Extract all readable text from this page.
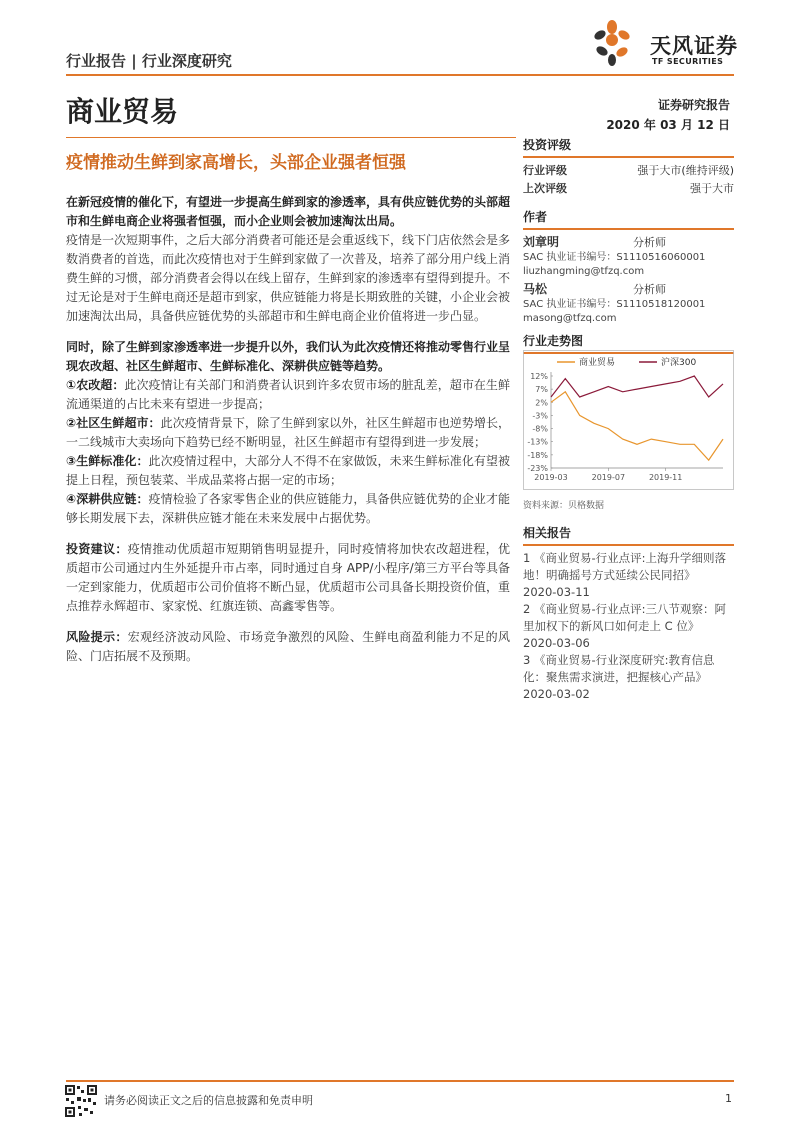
行业报告 | 行业深度研究
天风证券
TF SECURITIES
商业贸易	证券研究报告
2020 年 03 月 12 日
疫情推动生鲜到家高增长，头部企业强者恒强

在新冠疫情的催化下，有望进一步提高生鲜到家的渗透率，具有供应链优势的头部超市和生鲜电商企业将强者恒强，而小企业则会被加速淘汰出局。
疫情是一次短期事件，之后大部分消费者可能还是会重返线下，线下门店依然会是多数消费者的首选，而此次疫情也对于生鲜到家做了一次普及，培养了部分用户线上消费生鲜的习惯，部分消费者会得以在线上留存，生鲜到家的渗透率有望得到提升。不过无论是对于生鲜电商还是超市到家，供应链能力将是长期致胜的关键，小企业会被加速淘汰出局，具备供应链优势的头部超市和生鲜电商企业价值将进一步凸显。

同时，除了生鲜到家渗透率进一步提升以外，我们认为此次疫情还将推动零售行业呈现农改超、社区生鲜超市、生鲜标准化、深耕供应链等趋势。
①农改超：此次疫情让有关部门和消费者认识到许多农贸市场的脏乱差，超市在生鲜流通渠道的占比未来有望进一步提高；
②社区生鲜超市：此次疫情背景下，除了生鲜到家以外，社区生鲜超市也逆势增长，一二线城市大卖场向下趋势已经不断明显，社区生鲜超市有望得到进一步发展；
③生鲜标准化：此次疫情过程中，大部分人不得不在家做饭，未来生鲜标准化有望被提上日程，预包装菜、半成品菜将占据一定的市场；
④深耕供应链：疫情检验了各家零售企业的供应链能力，具备供应链优势的企业才能够长期发展下去，深耕供应链才能在未来发展中占据优势。

投资建议：疫情推动优质超市短期销售明显提升，同时疫情将加快农改超进程，优质超市公司通过内生外延提升市占率，同时通过自身 APP/小程序/第三方平台等具备一定到家能力，优质超市公司价值将不断凸显，优质超市公司具备长期投资价值，重点推荐永辉超市、家家悦、红旗连锁、高鑫零售等。

风险提示：宏观经济波动风险、市场竞争激烈的风险、生鲜电商盈利能力不足的风险、门店拓展不及预期。

投资评级
行业评级	强于大市(维持评级)
上次评级	强于大市
作者
刘章明	分析师
SAC 执业证书编号：S1110516060001
liuzhangming@tfzq.com
马松	分析师
SAC 执业证书编号：S1110518120001
masong@tfzq.com
行业走势图
12%
7%
2%
-3%
-8%
-13%
-18%
-23%
2019-03	2019-07	2019-11
商业贸易	沪深300
资料来源：贝格数据
相关报告
1 《商业贸易-行业点评:上海升学细则落地！明确摇号方式延续公民同招》
2020-03-11
2 《商业贸易-行业点评:三八节观察：阿里加权下的新风口如何走上 C 位》
2020-03-06
3 《商业贸易-行业深度研究:教育信息化：聚焦需求演进，把握核心产品》
2020-03-02
请务必阅读正文之后的信息披露和免责申明	1
